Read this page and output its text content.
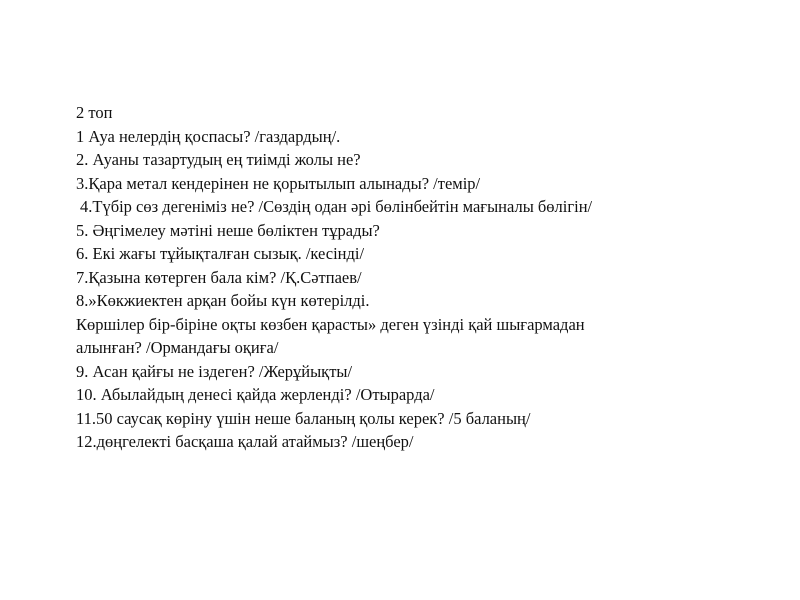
2 топ
1 Ауа нелердің қоспасы? /газдардың/.
2. Ауаны тазартудың ең тиімді жолы не?
3.Қара метал кендерінен не қорытылып алынады? /темір/
4.Түбір сөз дегеніміз не? /Сөздің одан әрі бөлінбейтін мағыналы бөлігін/
5. Әңгімелеу мәтіні неше бөліктен тұрады?
6. Екі жағы тұйықталған сызық. /кесінді/
7.Қазына көтерген бала кім? /Қ.Сәтпаев/
8.»Көкжиектен арқан бойы күн көтерілді.
Көршілер бір-біріне оқты көзбен қарасты» деген үзінді қай шығармадан
алынған? /Ормандағы оқиға/
9. Асан қайғы не іздеген? /Жерұйықты/
10. Абылайдың денесі қайда жерленді? /Отырарда/
11.50 саусақ көріну үшін неше баланың қолы керек? /5 баланың/
12.дөңгелекті басқаша қалай атаймыз? /шеңбер/
